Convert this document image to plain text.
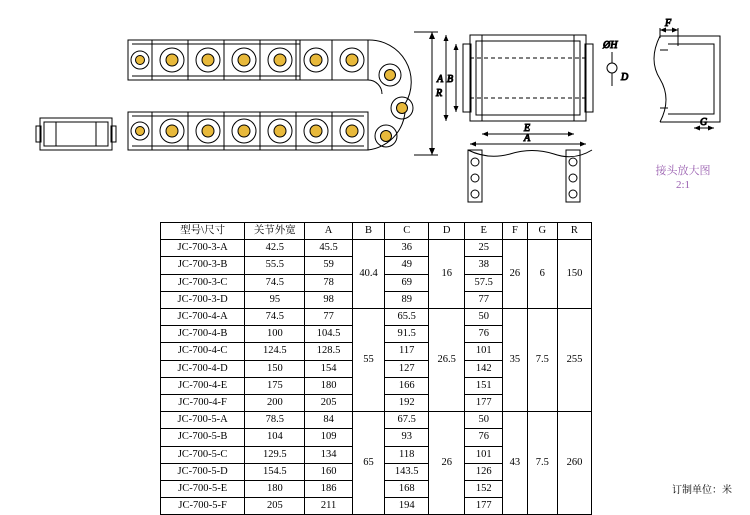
R
B
A
E
A
ØH
D
F
G
接头放大图
2:1
型号\尺寸	关节外宽	A	B	C	D	E	F	G	R
JC-700-3-A	42.5	45.5	40.4	36	16	25	26	6	150
JC-700-3-B	55.5	59		49		38			
JC-700-3-C	74.5	78		69		57.5			
JC-700-3-D	95	98		89		77			
JC-700-4-A	74.5	77	55	65.5	26.5	50	35	7.5	255
JC-700-4-B	100	104.5		91.5		76			
JC-700-4-C	124.5	128.5		117		101			
JC-700-4-D	150	154		127		142			
JC-700-4-E	175	180		166		151			
JC-700-4-F	200	205		192		177			
JC-700-5-A	78.5	84	65	67.5	26	50	43	7.5	260
JC-700-5-B	104	109		93		76			
JC-700-5-C	129.5	134		118		101			
JC-700-5-D	154.5	160		143.5		126			
JC-700-5-E	180	186		168		152			
JC-700-5-F	205	211		194		177			
订制单位：米
